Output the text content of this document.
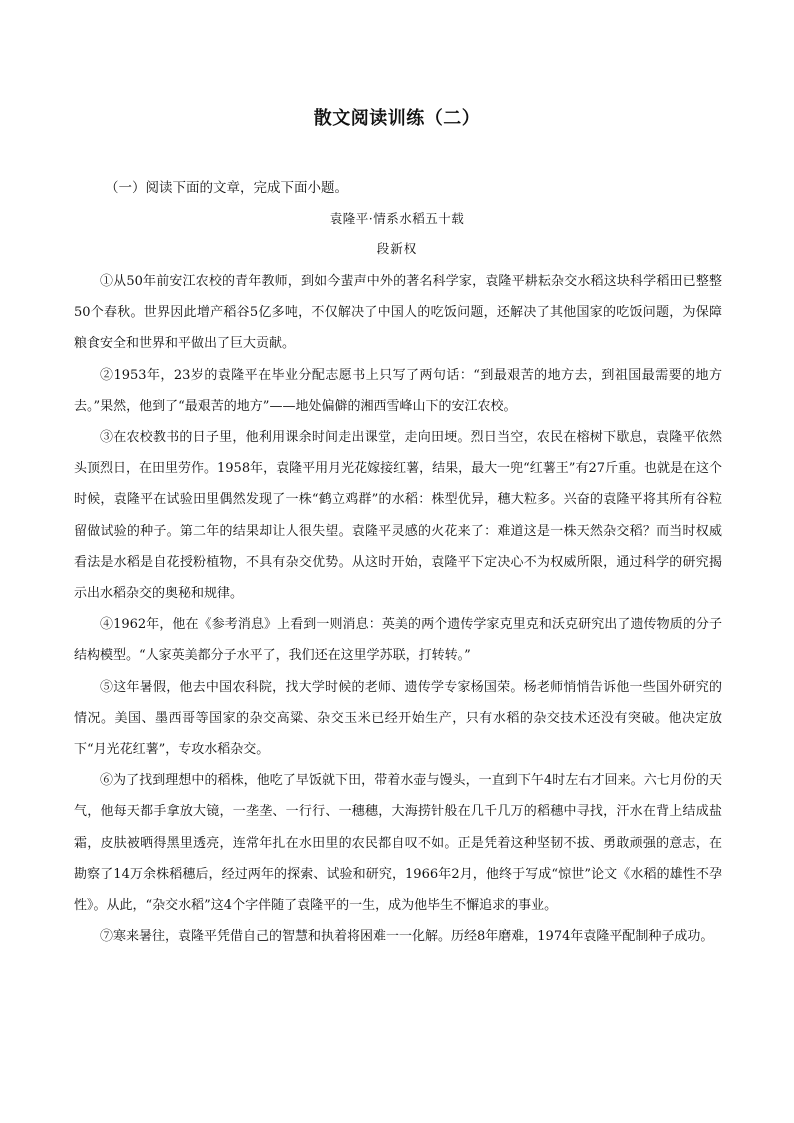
散文阅读训练（二）
（一）阅读下面的文章，完成下面小题。
袁隆平·情系水稻五十载
段新权

①从50年前安江农校的青年教师，到如今蜚声中外的著名科学家，袁隆平耕耘杂交水稻这块科学稻田已整整50个春秋。世界因此增产稻谷5亿多吨，不仅解决了中国人的吃饭问题，还解决了其他国家的吃饭问题，为保障粮食安全和世界和平做出了巨大贡献。

②1953年，23岁的袁隆平在毕业分配志愿书上只写了两句话：“到最艰苦的地方去，到祖国最需要的地方去。”果然，他到了“最艰苦的地方”——地处偏僻的湘西雪峰山下的安江农校。

③在农校教书的日子里，他利用课余时间走出课堂，走向田埂。烈日当空，农民在榕树下歇息，袁隆平依然头顶烈日，在田里劳作。1958年，袁隆平用月光花嫁接红薯，结果，最大一兜“红薯王”有27斤重。也就是在这个时候，袁隆平在试验田里偶然发现了一株“鹤立鸡群”的水稻：株型优异，穗大粒多。兴奋的袁隆平将其所有谷粒留做试验的种子。第二年的结果却让人很失望。袁隆平灵感的火花来了：难道这是一株天然杂交稻？而当时权威看法是水稻是自花授粉植物，不具有杂交优势。从这时开始，袁隆平下定决心不为权威所限，通过科学的研究揭示出水稻杂交的奥秘和规律。

④1962年，他在《参考消息》上看到一则消息：英美的两个遗传学家克里克和沃克研究出了遗传物质的分子结构模型。“人家英美都分子水平了，我们还在这里学苏联，打转转。”

⑤这年暑假，他去中国农科院，找大学时候的老师、遗传学专家杨国荣。杨老师悄悄告诉他一些国外研究的情况。美国、墨西哥等国家的杂交高粱、杂交玉米已经开始生产，只有水稻的杂交技术还没有突破。他决定放下“月光花红薯”，专攻水稻杂交。

⑥为了找到理想中的稻株，他吃了早饭就下田，带着水壶与馒头，一直到下午4时左右才回来。六七月份的天气，他每天都手拿放大镜，一垄垄、一行行、一穗穗，大海捞针般在几千几万的稻穗中寻找，汗水在背上结成盐霜，皮肤被晒得黑里透亮，连常年扎在水田里的农民都自叹不如。正是凭着这种坚韧不拔、勇敢顽强的意志，在勘察了14万余株稻穗后，经过两年的探索、试验和研究，1966年2月，他终于写成“惊世”论文《水稻的雄性不孕性》。从此，“杂交水稻”这4个字伴随了袁隆平的一生，成为他毕生不懈追求的事业。

⑦寒来暑往，袁隆平凭借自己的智慧和执着将困难一一化解。历经8年磨难，1974年袁隆平配制种子成功。
